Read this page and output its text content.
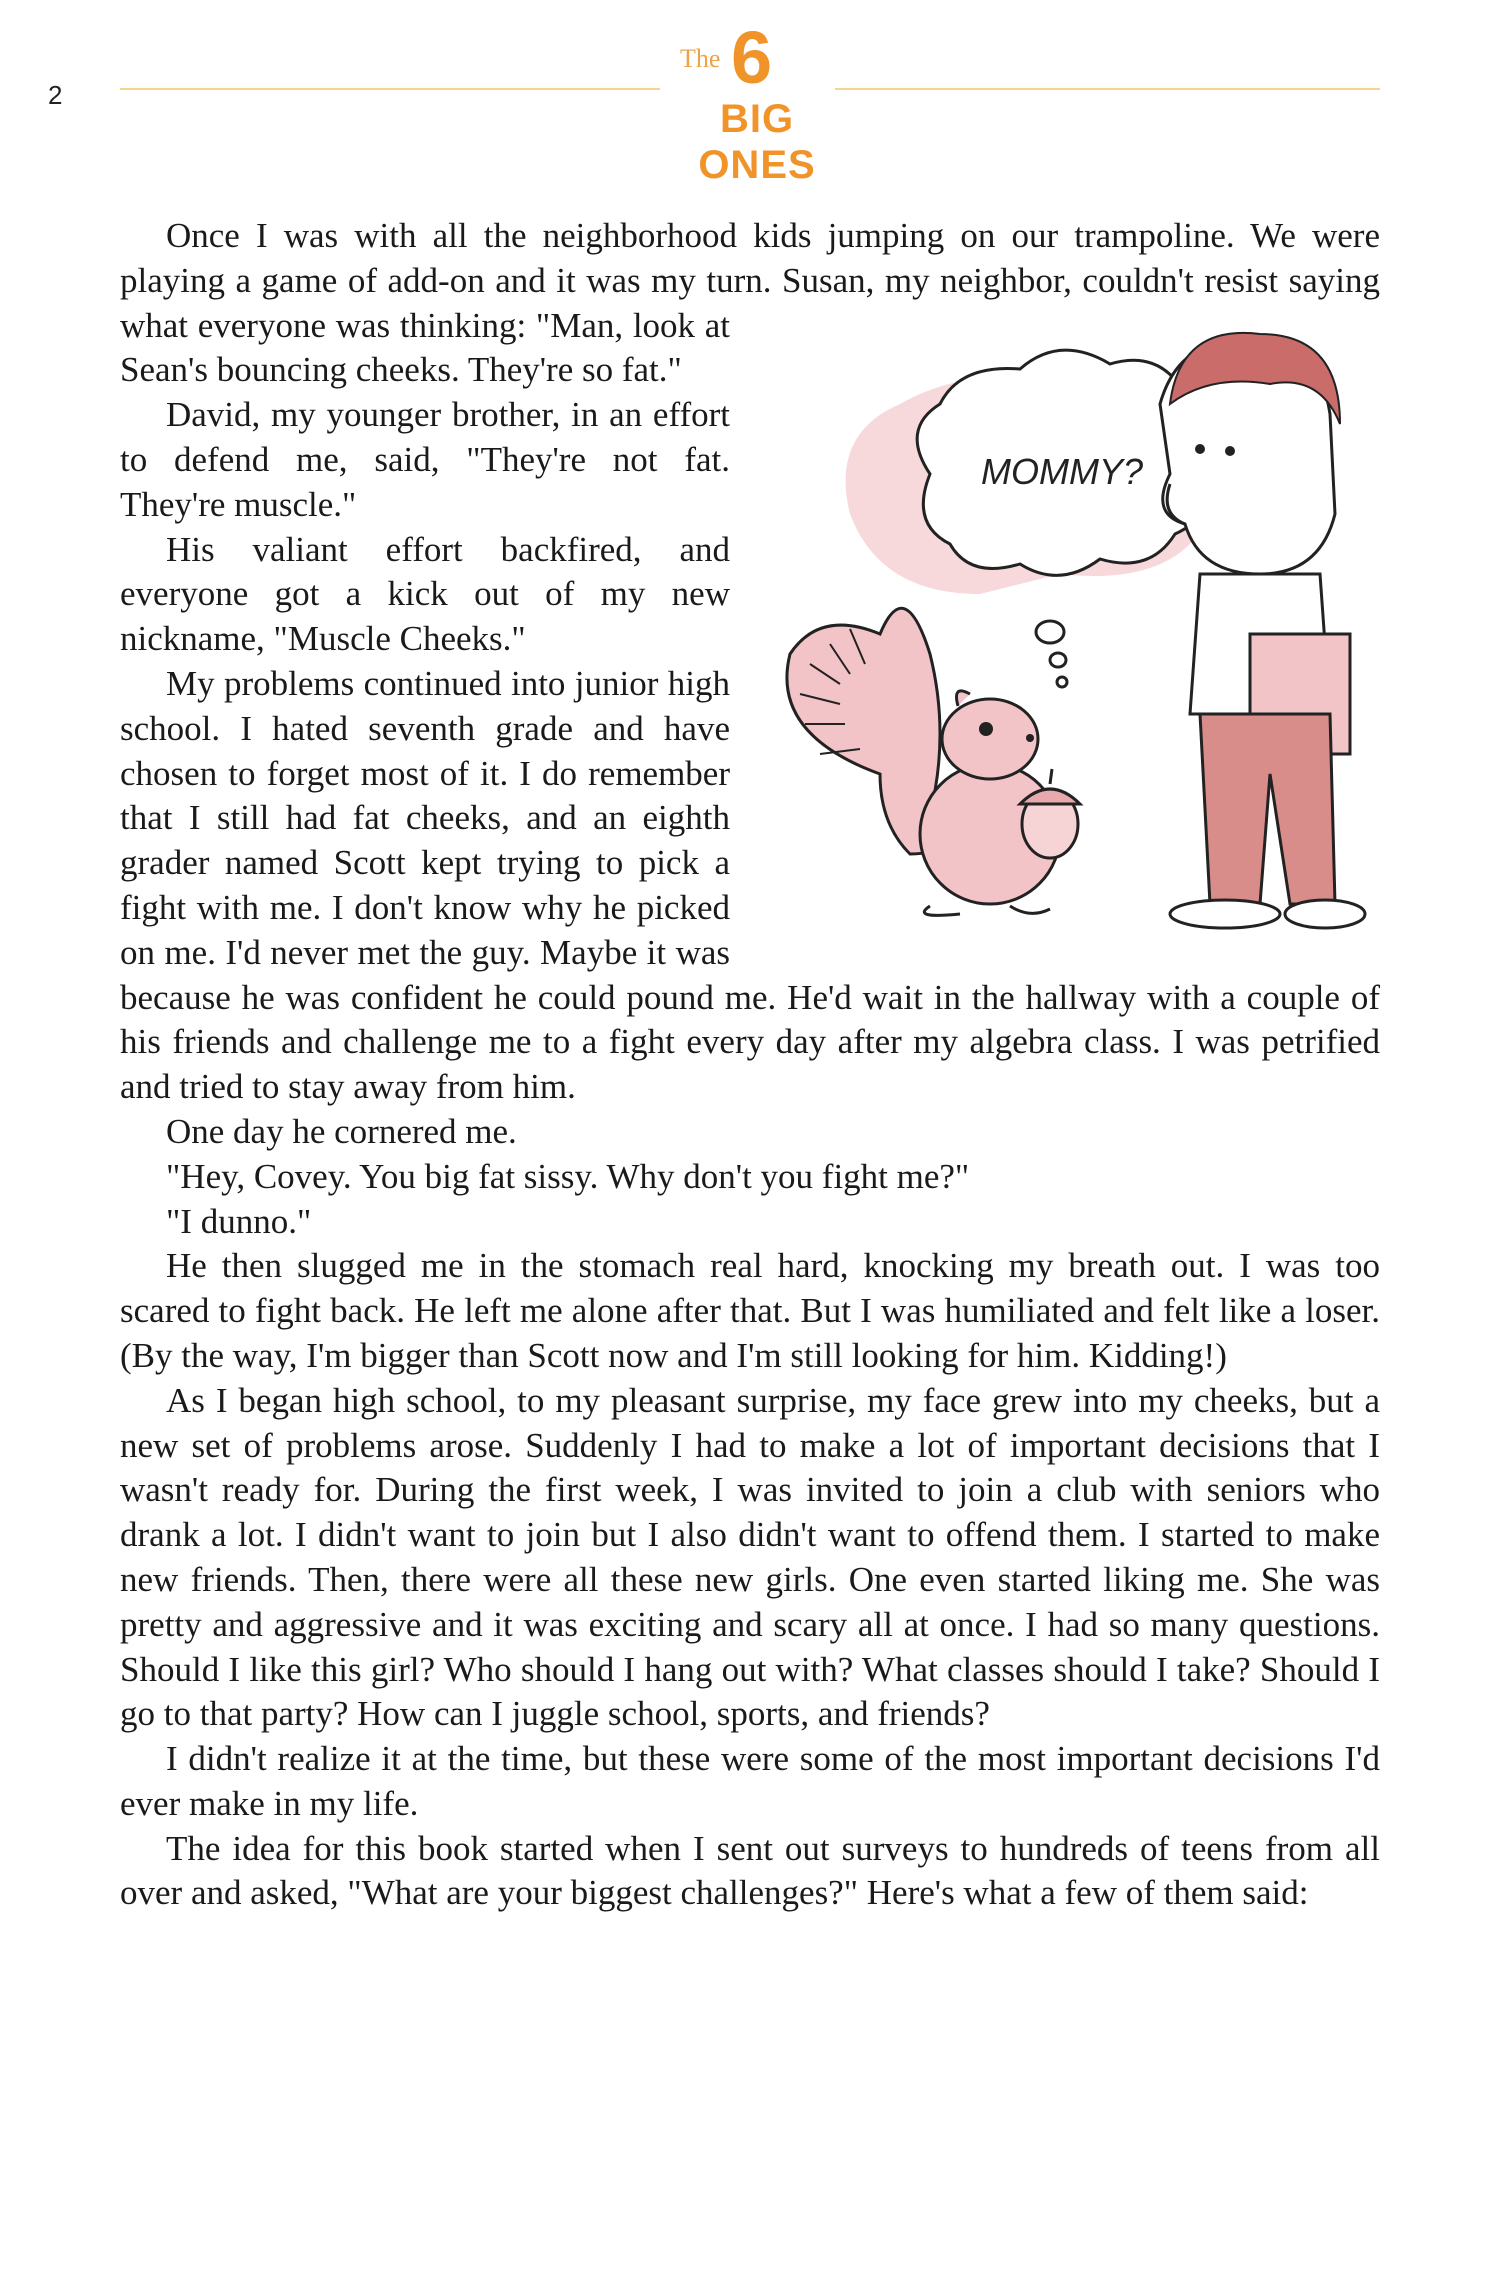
2
The 6
BIG ONES
MOMMY?

Once I was with all the neighborhood kids jumping on our trampoline. We were playing a game of add-on and it was my turn. Susan, my neighbor, couldn't resist saying what everyone was thinking: "Man, look at Sean's bouncing cheeks. They're so fat."

David, my younger brother, in an effort to defend me, said, "They're not fat. They're muscle."

His valiant effort backfired, and everyone got a kick out of my new nickname, "Muscle Cheeks."

My problems continued into junior high school. I hated seventh grade and have chosen to forget most of it. I do remember that I still had fat cheeks, and an eighth grader named Scott kept trying to pick a fight with me. I don't know why he picked on me. I'd never met the guy. Maybe it was because he was confident he could pound me. He'd wait in the hallway with a couple of his friends and challenge me to a fight every day after my algebra class. I was petrified and tried to stay away from him.

One day he cornered me.

"Hey, Covey. You big fat sissy. Why don't you fight me?"

"I dunno."

He then slugged me in the stomach real hard, knocking my breath out. I was too scared to fight back. He left me alone after that. But I was humiliated and felt like a loser. (By the way, I'm bigger than Scott now and I'm still looking for him. Kidding!)

As I began high school, to my pleasant surprise, my face grew into my cheeks, but a new set of problems arose. Suddenly I had to make a lot of important decisions that I wasn't ready for. During the first week, I was invited to join a club with seniors who drank a lot. I didn't want to join but I also didn't want to offend them. I started to make new friends. Then, there were all these new girls. One even started liking me. She was pretty and aggressive and it was exciting and scary all at once. I had so many questions. Should I like this girl? Who should I hang out with? What classes should I take? Should I go to that party? How can I juggle school, sports, and friends?

I didn't realize it at the time, but these were some of the most important decisions I'd ever make in my life.

The idea for this book started when I sent out surveys to hundreds of teens from all over and asked, "What are your biggest challenges?" Here's what a few of them said:
